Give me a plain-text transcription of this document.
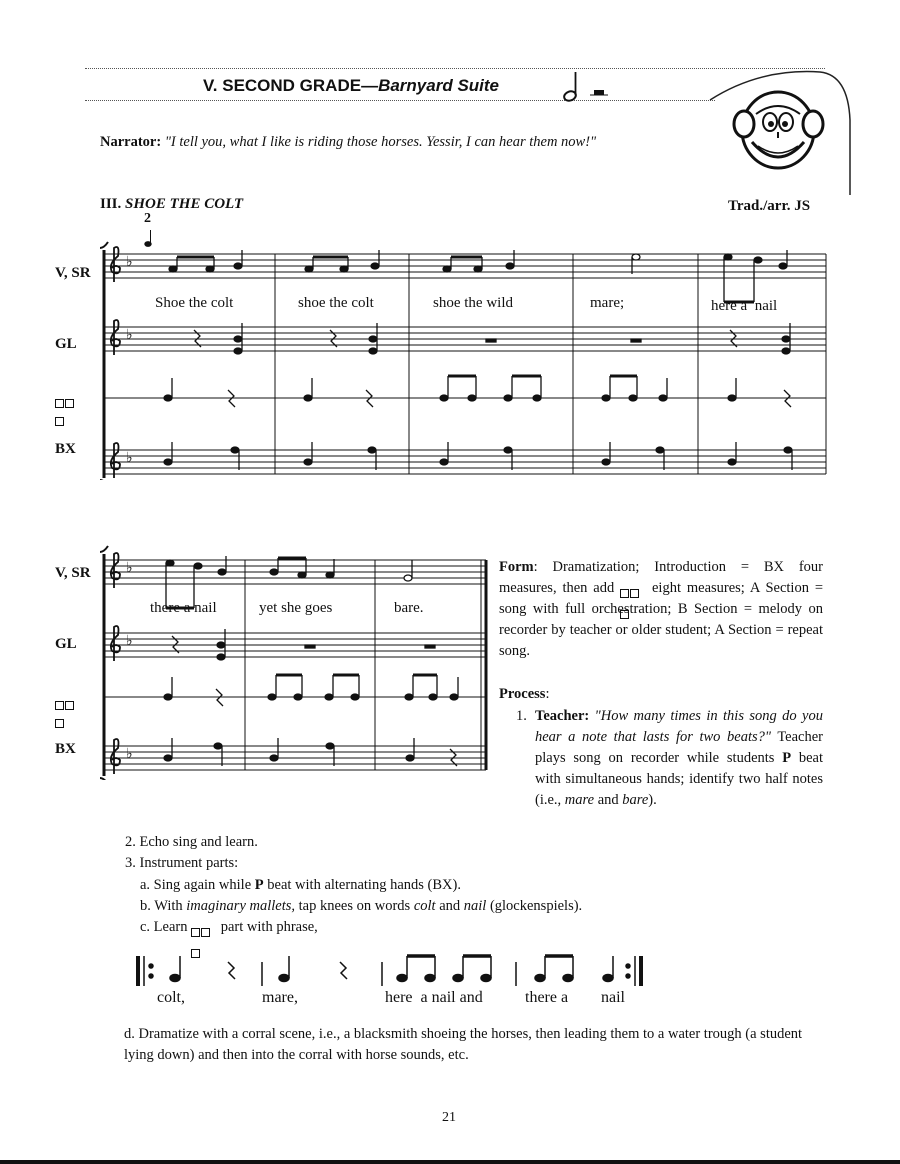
V. SECOND GRADE—Barnyard Suite
Narrator: "I tell you, what I like is riding those horses. Yessir, I can hear them now!"
III. SHOE THE COLT	Trad./arr. JS
2
V, SR
GL
BX
♭
♭
♭
Shoe the colt	shoe the colt	shoe the wild	mare;	here a  nail
V, SR
GL
BX
♭
♭
♭
there a nail	yet she goes	bare.
Form: Dramatization; Introduction = BX four measures, then add  eight measures; A Section = song with full orchestration; B Section = melody on recorder by teacher or older student; A Section = repeat song.
Process:
1. Teacher: "How many times in this song do you hear a note that lasts for two beats?" Teacher plays song on recorder while students P beat with simultaneous hands; identify two half notes (i.e., mare and bare).
2. Echo sing and learn.
3. Instrument parts:
a. Sing again while P beat with alternating hands (BX).
b. With imaginary mallets, tap knees on words colt and nail (glockenspiels).
c. Learn  part with phrase,
colt,	mare,	here  a nail and	there a nail
d. Dramatize with a corral scene, i.e., a blacksmith shoeing the horses, then leading them to a water trough (a student lying down) and then into the corral with horse sounds, etc.
21
